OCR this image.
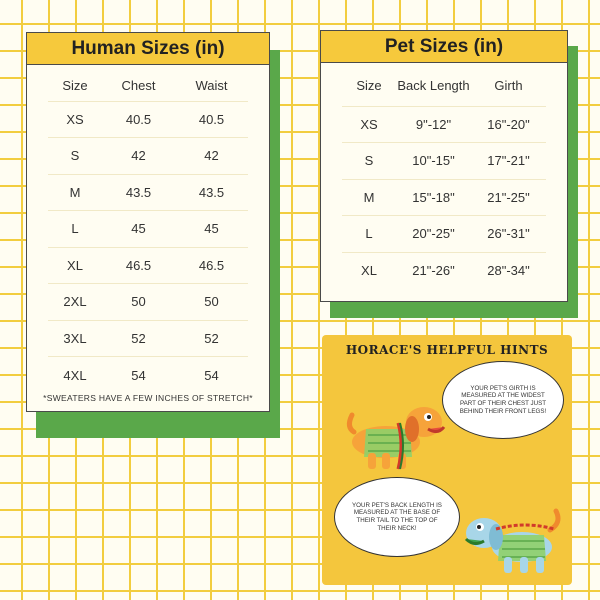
Human Sizes (in)
Size	Chest	Waist
XS	40.5	40.5
S	42	42
M	43.5	43.5
L	45	45
XL	46.5	46.5
2XL	50	50
3XL	52	52
4XL	54	54
*SWEATERS HAVE A FEW INCHES OF STRETCH*
Pet Sizes (in)
Size	Back Length	Girth
XS	9"-12"	16"-20"
S	10"-15"	17"-21"
M	15"-18"	21"-25"
L	20"-25"	26"-31"
XL	21"-26"	28"-34"
HORACE'S HELPFUL HINTS
YOUR PET'S GIRTH IS MEASURED AT THE WIDEST PART OF THEIR CHEST JUST BEHIND THEIR FRONT LEGS!
YOUR PET'S BACK LENGTH IS MEASURED AT THE BASE OF THEIR TAIL TO THE TOP OF THEIR NECK!
